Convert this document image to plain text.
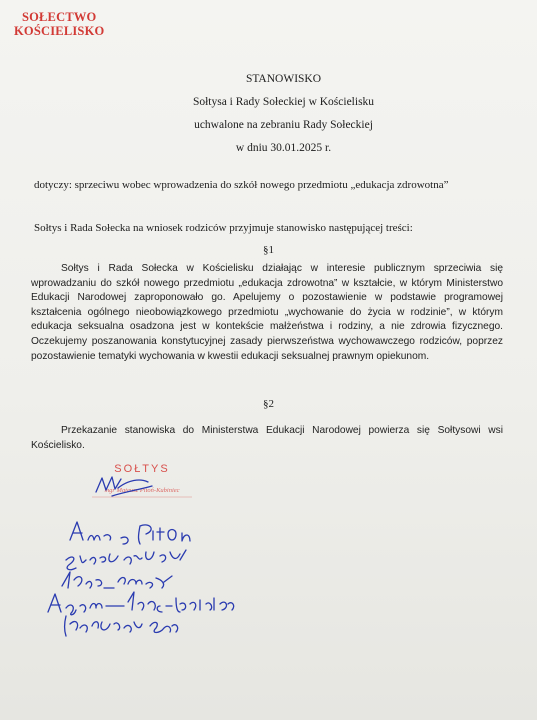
SOŁECTWO
KOŚCIELISKO
STANOWISKO
Sołtysa i Rady Sołeckiej w Kościelisku
uchwalone na zebraniu Rady Sołeckiej
w dniu 30.01.2025 r.
dotyczy: sprzeciwu wobec wprowadzenia do szkół nowego przedmiotu „edukacja zdrowotna”
Sołtys i Rada Sołecka na wniosek rodziców przyjmuje stanowisko następującej treści:
§1
Sołtys i Rada Sołecka w Kościelisku działając w interesie publicznym sprzeciwia się wprowadzaniu do szkół nowego przedmiotu „edukacja zdrowotna” w kształcie, w którym Ministerstwo Edukacji Narodowej zaproponowało go. Apelujemy o pozostawienie w podstawie programowej kształcenia ogólnego nieobowiązkowego przedmiotu „wychowanie do życia w rodzinie”, w którym edukacja seksualna osadzona jest w kontekście małżeństwa i rodziny, a nie zdrowia fizycznego. Oczekujemy poszanowania konstytucyjnej zasady pierwszeństwa wychowawczego rodziców, poprzez pozostawienie tematyki wychowania w kwestii edukacji seksualnej prawnym opiekunom.
§2
Przekazanie stanowiska do Ministerstwa Edukacji Narodowej powierza się Sołtysowi wsi Kościelisko.
SOŁTYS
mgr Mateusz Pitoń-Kubiniec
